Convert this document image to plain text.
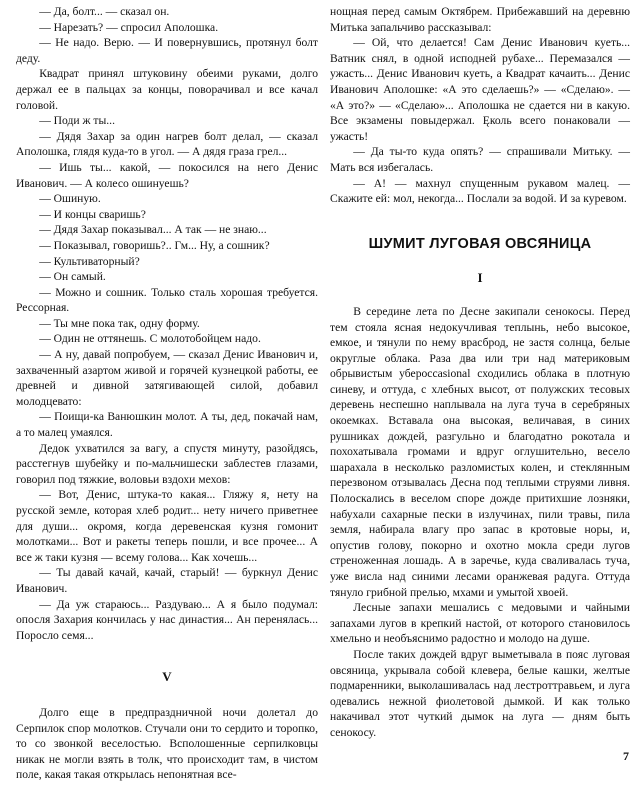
— Да, болт... — сказал он.

— Нарезать? — спросил Аполошка.

— Не надо. Верю. — И повернувшись, протянул болт деду.

Квадрат принял штуковину обеими руками, долго держал ее в пальцах за концы, поворачивал и все качал головой.

— Поди ж ты...

— Дядя Захар за один нагрев болт делал, — сказал Аполошка, глядя куда-то в угол. — А дядя граза грел...

— Ишь ты... какой, — покосился на него Денис Иванович. — А колесо ошинуешь?

— Ошиную.

— И концы сваришь?

— Дядя Захар показывал... А так — не знаю...

— Показывал, говоришь?.. Гм... Ну, а сошник?

— Культиваторный?

— Он самый.

— Можно и сошник. Только сталь хорошая требуется. Рессорная.

— Ты мне пока так, одну форму.

— Один не оттянешь. С молотобойцем надо.

— А ну, давай попробуем, — сказал Денис Иванович и, захваченный азартом живой и горячей кузнецкой работы, ее древней и дивной затягивающей силой, добавил молодцевато:

— Поищи-ка Ванюшкин молот. А ты, дед, покачай нам, а то малец умаялся.

Дедок ухватился за вагу, а спустя минуту, разойдясь, расстегнув шубейку и по-мальчишески заблестев глазами, говорил под тяжкие, воловьи вздохи мехов:

— Вот, Денис, штука-то какая... Гляжу я, нету на русской земле, которая хлеб родит... нету ничего приветнее для души... окромя, когда деревенская кузня гомонит молотками... Вот и ракеты теперь пошли, и все прочее... А все ж таки кузня — всему голова... Как хочешь...

— Ты давай качай, качай, старый! — буркнул Денис Иванович.

— Да уж стараюсь... Раздуваю... А я было подумал: опосля Захария кончилась у нас династия... Ан перенялась... Поросло семя...

V

Долго еще в предпраздничной ночи долетал до Серпилок спор молотков. Стучали они то сердито и торопко, то со звонкой веселостью. Всполошенные серпилковцы никак не могли взять в толк, что происходит там, в чистом поле, какая такая открылась непонятная все-

нощная перед самым Октябрем. Прибежавший на деревню Митька запальчиво рассказывал:

— Ой, что делается! Сам Денис Иванович куеть... Ватник снял, в одной исподней рубахе... Перемазался — ужасть... Денис Иванович куеть, а Квадрат качаить... Денис Иванович Аполошке: «А это сделаешь?» — «Сделаю». — «А это?» — «Сделаю»... Аполошка не сдается ни в какую. Все экзамены повыдержал. Ęколь всего понаковали — ужасть!

— Да ты-то куда опять? — спрашивали Митьку. — Мать вся избегалась.

— А! — махнул спущенным рукавом малец. — Скажите ей: мол, некогда... Послали за водой. И за куревом.

ШУМИТ ЛУГОВАЯ ОВСЯНИЦА
I

В середине лета по Десне закипали сенокосы. Перед тем стояла ясная недокучливая теплынь, небо высокое, емкое, и тянули по нему врасброд, не застя солнца, белые округлые облака. Раза два или три над материковым обрывистым уберoccasional сходились облака в плотную синеву, и оттуда, с хлебных высот, от полужских тесовых деревень неспешно наплывала на луга туча в серебряных окоемках. Вставала она высокая, величавая, в синих рушниках дождей, разгульно и благодатно рокотала и похохатывала громами и вдруг оглушительно, весело шарахала в несколько разломистых колен, и стеклянным перезвоном отзывалась Десна под теплыми струями ливня. Полоскались в веселом споре дожде притихшие лозняки, набухали сахарные пески в излучинах, пили травы, пила земля, набирала влагу про запас в кротовые норы, и, опустив голову, покорно и охотно мокла среди лугов стреноженная лошадь. А в заречье, куда сваливалась туча, уже висла над синими лесами оранжевая радуга. Оттуда тянуло грибной прелью, мхами и умытой хвоей.

Лесные запахи мешались с медовыми и чайными запахами лугов в крепкий настой, от которого становилось хмельно и необъяснимо радостно и молодо на душе.

После таких дождей вдруг выметывала в пояс луговая овсяница, укрывала собой клевера, белые кашки, желтые подмаренники, выколашивалась над лестроттравьем, и луга одевались нежной фиолетовой дымкой. И как только накачивал этот чуткий дымок на луга — дням быть сенокосу.

7
